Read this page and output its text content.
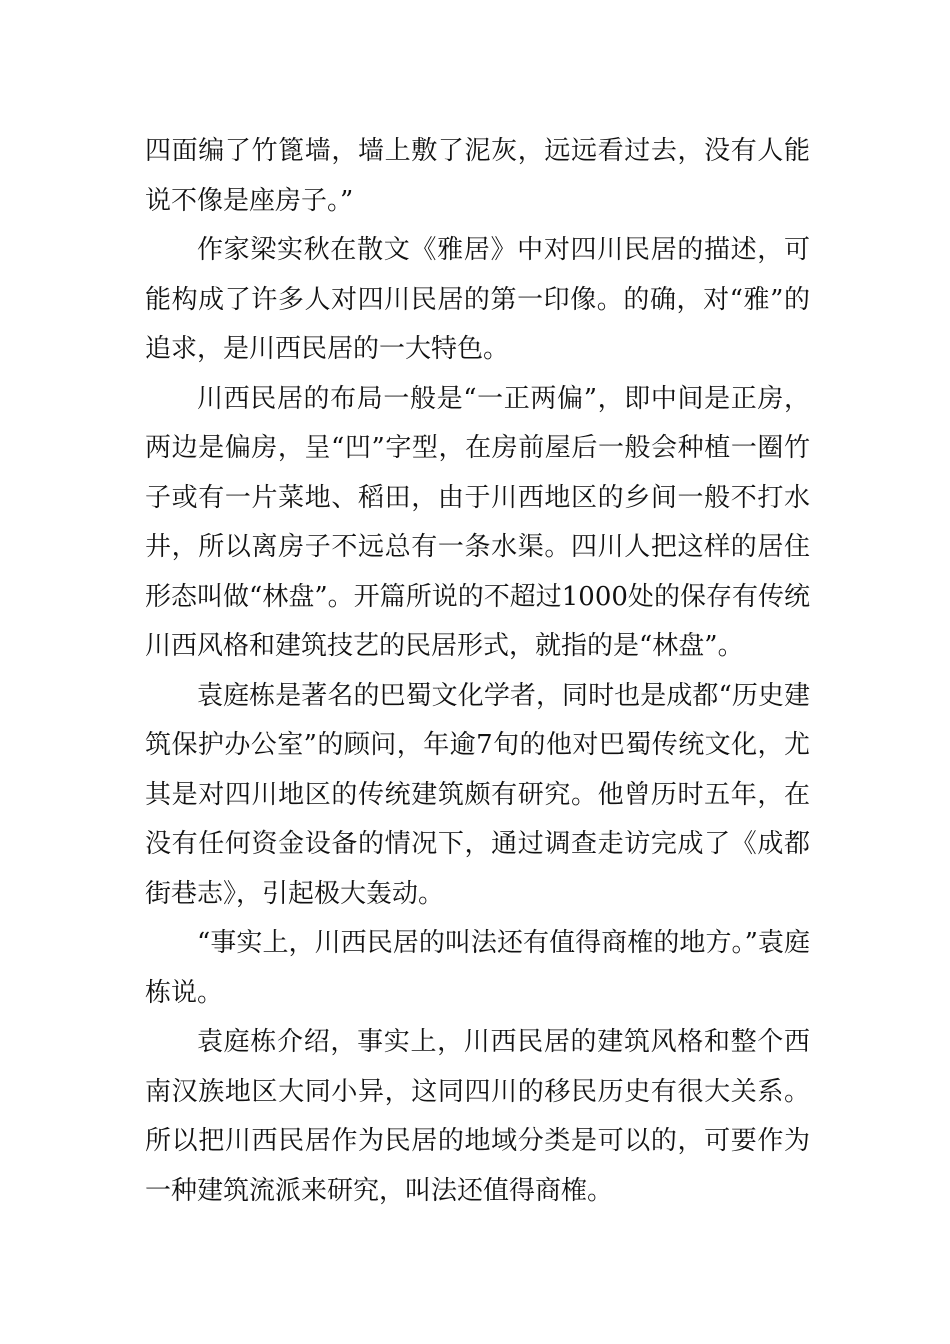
四面编了竹篦墙，墙上敷了泥灰，远远看过去，没有人能说不像是座房子。”

作家梁实秋在散文《雅居》中对四川民居的描述，可能构成了许多人对四川民居的第一印像。的确，对“雅”的追求，是川西民居的一大特色。

川西民居的布局一般是“一正两偏”，即中间是正房，两边是偏房，呈“凹”字型，在房前屋后一般会种植一圈竹子或有一片菜地、稻田，由于川西地区的乡间一般不打水井，所以离房子不远总有一条水渠。四川人把这样的居住形态叫做“林盘”。开篇所说的不超过1000处的保存有传统川西风格和建筑技艺的民居形式，就指的是“林盘”。

袁庭栋是著名的巴蜀文化学者，同时也是成都“历史建筑保护办公室”的顾问，年逾7旬的他对巴蜀传统文化，尤其是对四川地区的传统建筑颇有研究。他曾历时五年，在没有任何资金设备的情况下，通过调查走访完成了《成都街巷志》，引起极大轰动。

“事实上，川西民居的叫法还有值得商榷的地方。”袁庭栋说。

袁庭栋介绍，事实上，川西民居的建筑风格和整个西南汉族地区大同小异，这同四川的移民历史有很大关系。所以把川西民居作为民居的地域分类是可以的，可要作为一种建筑流派来研究，叫法还值得商榷。
